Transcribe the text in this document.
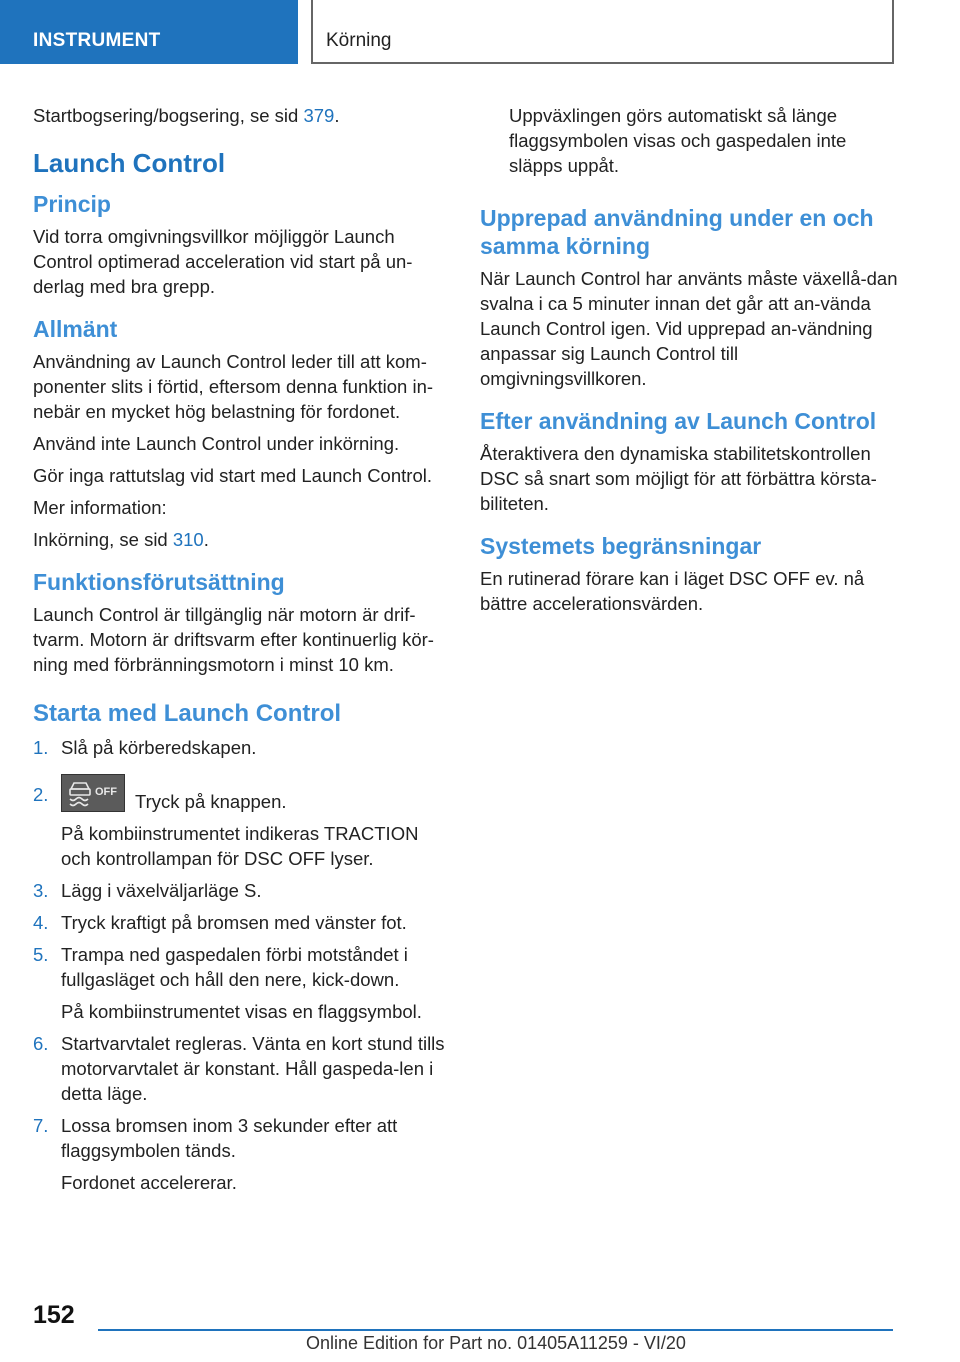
INSTRUMENT	Körning

Startbogsering/bogsering, se sid 379.

Launch Control
Princip

Vid torra omgivningsvillkor möjliggör Launch Control optimerad acceleration vid start på un‐derlag med bra grepp.

Allmänt

Användning av Launch Control leder till att kom‐ponenter slits i förtid, eftersom denna funktion in‐nebär en mycket hög belastning för fordonet.

Använd inte Launch Control under inkörning.

Gör inga rattutslag vid start med Launch Control.

Mer information:

Inkörning, se sid 310.

Funktionsförutsättning

Launch Control är tillgänglig när motorn är drif‐tvarm. Motorn är driftsvarm efter kontinuerlig kör‐ning med förbränningsmotorn i minst 10 km.

Starta med Launch Control
1. Slå på körberedskapen.

2.	OFF Tryck på knappen.

På kombiinstrumentet indikeras TRACTION och kontrollampan för DSC OFF lyser.

3. Lägg i växelväljarläge S.

4. Tryck kraftigt på bromsen med vänster fot.

5. Trampa ned gaspedalen förbi motståndet i fullgasläget och håll den nere, kick-down.

På kombiinstrumentet visas en flaggsymbol.

6. Startvarvtalet regleras. Vänta en kort stund tills motorvarvtalet är konstant. Håll gaspeda‐len i detta läge.

7. Lossa bromsen inom 3 sekunder efter att flaggsymbolen tänds.

Fordonet accelererar.

Uppväxlingen görs automatiskt så länge flaggsymbolen visas och gaspedalen inte släpps uppåt.

Upprepad användning under en och samma körning

När Launch Control har använts måste växellå‐dan svalna i ca 5 minuter innan det går att an‐vända Launch Control igen. Vid upprepad an‐vändning anpassar sig Launch Control till omgivningsvillkoren.

Efter användning av Launch Control

Återaktivera den dynamiska stabilitetskontrollen DSC så snart som möjligt för att förbättra körsta‐biliteten.

Systemets begränsningar

En rutinerad förare kan i läget DSC OFF ev. nå bättre accelerationsvärden.

152
Online Edition for Part no. 01405A11259 - VI/20
